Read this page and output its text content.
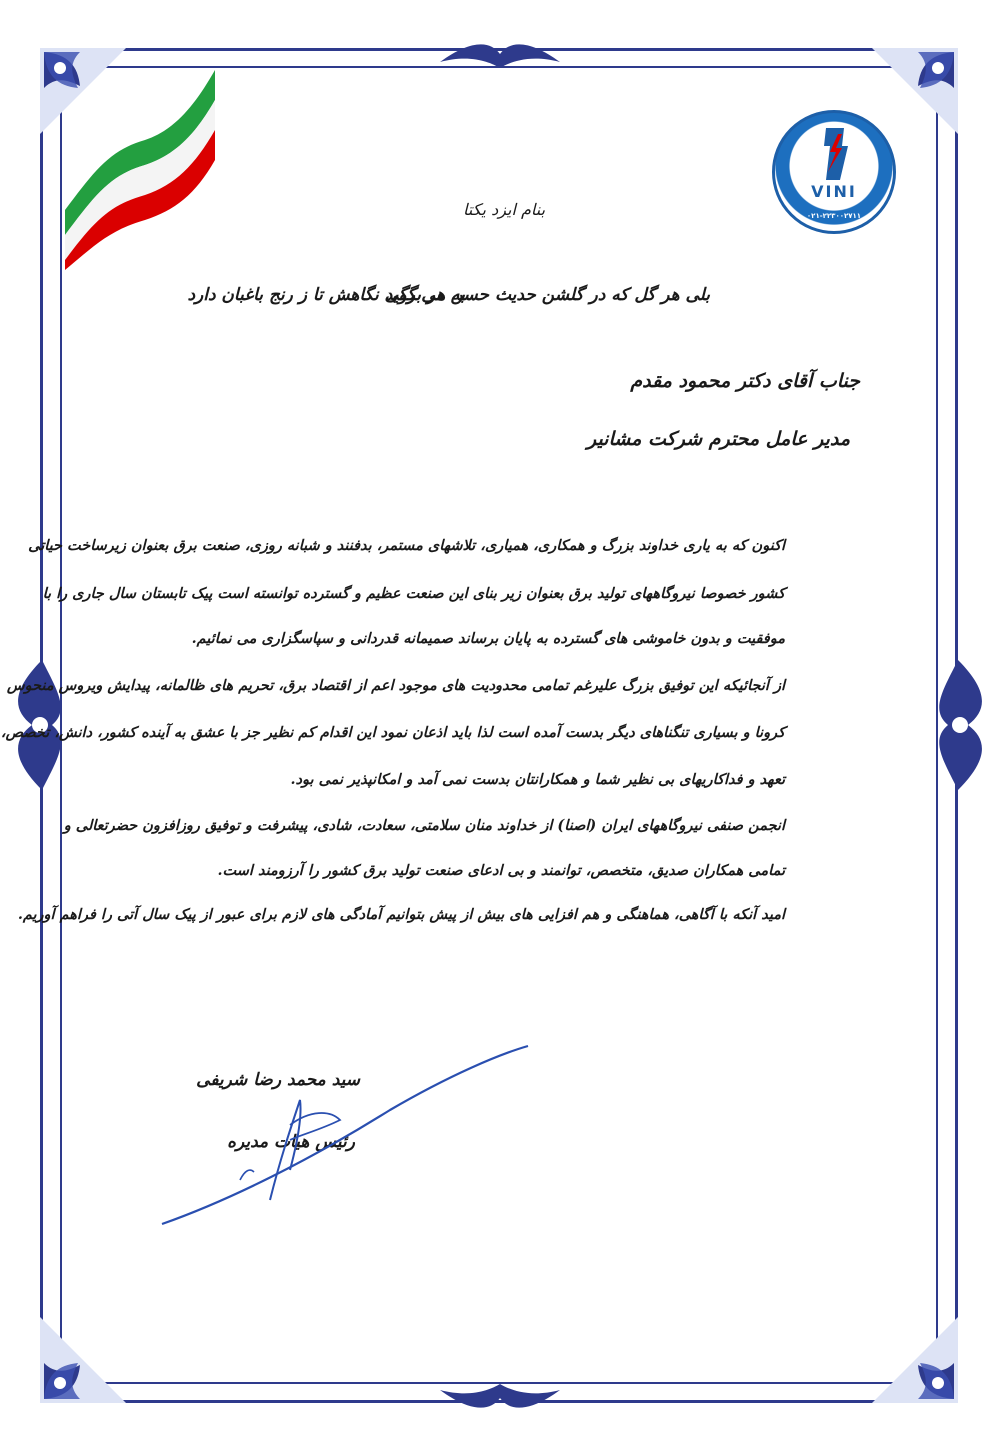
VINI
۰۲۱-۲۲۳۰۰۲۷۱۱
بنام ایزد یکتا
بلی هر گل که در گلشن حدیث حسن می گوید
به هر برگی نگاهش تا ز رنج باغبان دارد
جناب آقای دکتر محمود مقدم
مدیر عامل محترم شرکت مشانیر
اکنون که به یاری خداوند بزرگ و همکاری، همیاری، تلاشهای مستمر، بدفنند و شبانه روزی، صنعت برق بعنوان زیرساخت حیاتی
کشور خصوصا نیروگاههای تولید برق بعنوان زیر بنای این صنعت عظیم و گسترده توانسته است پیک تابستان سال جاری را با
موفقیت و بدون خاموشی های گسترده به پایان برساند صمیمانه قدردانی و سپاسگزاری می نمائیم.
از آنجائیکه این توفیق بزرگ علیرغم تمامی محدودیت های موجود اعم از اقتصاد برق، تحریم های ظالمانه، پیدایش ویروس منحوس
کرونا و بسیاری تنگناهای دیگر بدست آمده است لذا باید اذعان نمود این اقدام کم نظیر جز با عشق به آینده کشور، دانش، تخصص،
تعهد و فداکاریهای بی نظیر شما و همکارانتان بدست نمی آمد و امکانپذیر نمی بود.
انجمن صنفی نیروگاههای ایران (اصنا) از خداوند منان سلامتی، سعادت، شادی، پیشرفت و توفیق روزافزون حضرتعالی و
تمامی همکاران صدیق، متخصص، توانمند و بی ادعای صنعت تولید برق کشور را آرزومند است.
امید آنکه با آگاهی، هماهنگی و هم افزایی های بیش از پیش بتوانیم آمادگی های لازم برای عبور از پیک سال آتی را فراهم آوریم.
سید محمد رضا شریفی
رئیس هیات مدیره
